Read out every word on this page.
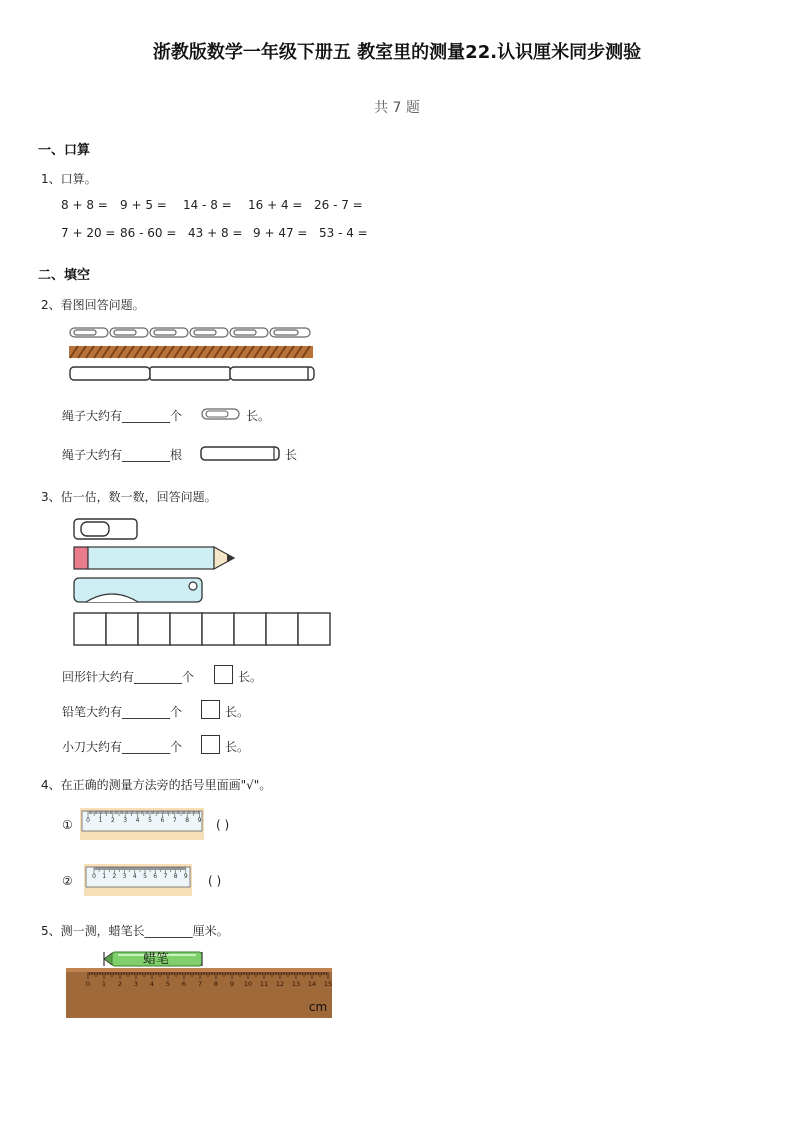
浙教版数学一年级下册五 教室里的测量22.认识厘米同步测验
共 7 题
一、口算
1、口算。
8 + 8 = 9 + 5 = 14 - 8 = 16 + 4 = 26 - 7 =
7 + 20 = 86 - 60 = 43 + 8 = 9 + 47 = 53 - 4 =
二、填空
2、看图回答问题。
绳子大约有________个	长。
绳子大约有________根	长
3、估一估，数一数，回答问题。
回形针大约有________个	长。
铅笔大约有________个	长。
小刀大约有________个	长。
4、在正确的测量方法旁的括号里面画"√"。
① 0 1 2 3 4 5 6 7 8 9 ( )
②	0 1 2 3 4 5 6 7 8 9 ( )
5、测一测，蜡笔长________厘米。
蜡笔
0 1 2 3 4 5 6 7 8 9 10 11 12 13 14 15
cm
